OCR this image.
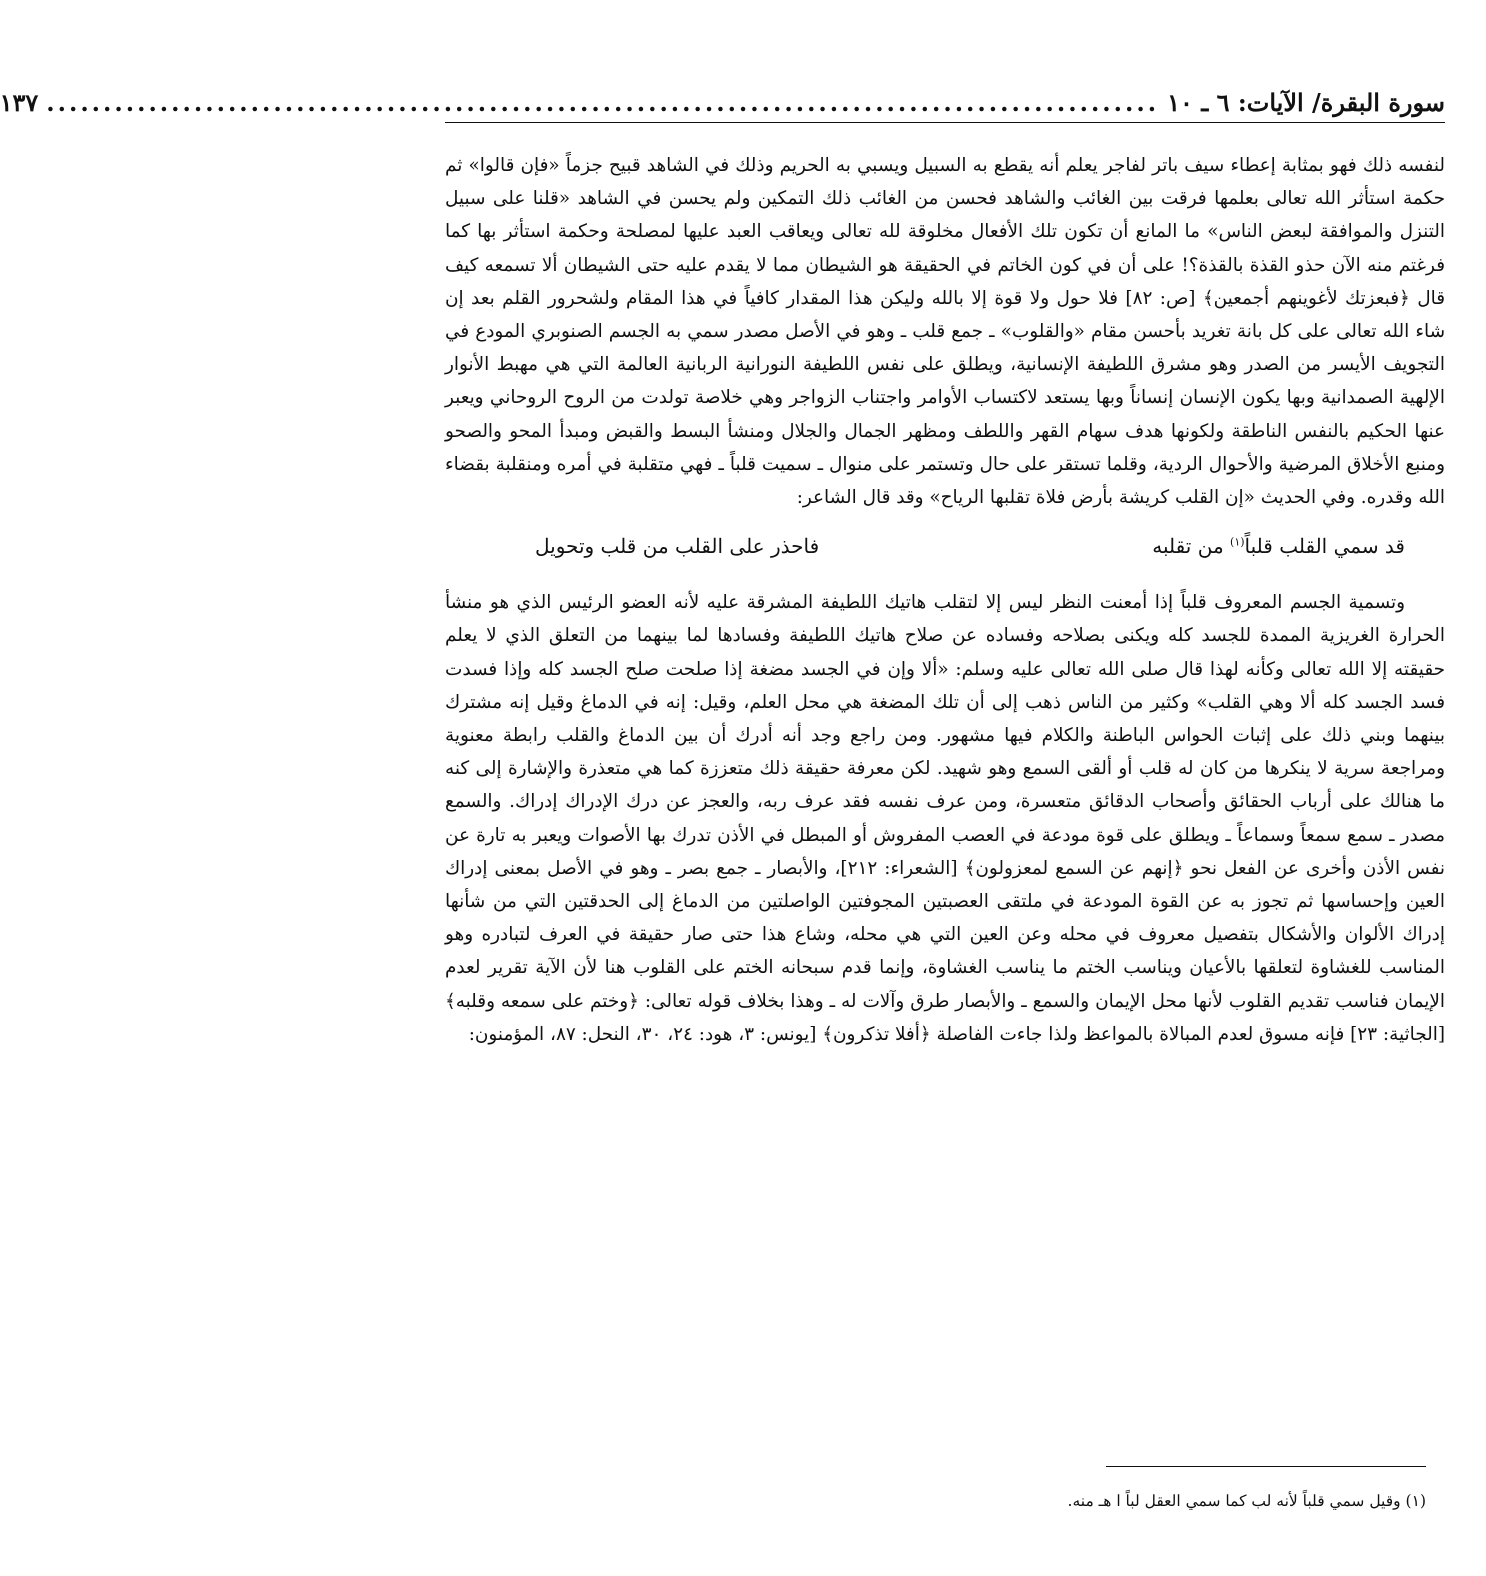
سورة البقرة/ الآيات: ٦ ـ ١٠
..................................................................................................
١٣٧

لنفسه ذلك فهو بمثابة إعطاء سيف باتر لفاجر يعلم أنه يقطع به السبيل ويسبي به الحريم وذلك في الشاهد قبيح جزماً «فإن قالوا» ثم حكمة استأثر الله تعالى بعلمها فرقت بين الغائب والشاهد فحسن من الغائب ذلك التمكين ولم يحسن في الشاهد «قلنا على سبيل التنزل والموافقة لبعض الناس» ما المانع أن تكون تلك الأفعال مخلوقة لله تعالى ويعاقب العبد عليها لمصلحة وحكمة استأثر بها كما فرغتم منه الآن حذو القذة بالقذة؟! على أن في كون الخاتم في الحقيقة هو الشيطان مما لا يقدم عليه حتى الشيطان ألا تسمعه كيف قال ﴿فبعزتك لأغوينهم أجمعين﴾ [ص: ٨٢] فلا حول ولا قوة إلا بالله وليكن هذا المقدار كافياً في هذا المقام ولشحرور القلم بعد إن شاء الله تعالى على كل بانة تغريد بأحسن مقام «والقلوب» ـ جمع قلب ـ وهو في الأصل مصدر سمي به الجسم الصنوبري المودع في التجويف الأيسر من الصدر وهو مشرق اللطيفة الإنسانية، ويطلق على نفس اللطيفة النورانية الربانية العالمة التي هي مهبط الأنوار الإلهية الصمدانية وبها يكون الإنسان إنساناً وبها يستعد لاكتساب الأوامر واجتناب الزواجر وهي خلاصة تولدت من الروح الروحاني ويعبر عنها الحكيم بالنفس الناطقة ولكونها هدف سهام القهر واللطف ومظهر الجمال والجلال ومنشأ البسط والقبض ومبدأ المحو والصحو ومنبع الأخلاق المرضية والأحوال الردية، وقلما تستقر على حال وتستمر على منوال ـ سميت قلباً ـ فهي متقلبة في أمره ومنقلبة بقضاء الله وقدره. وفي الحديث «إن القلب كريشة بأرض فلاة تقلبها الرياح» وقد قال الشاعر:

قد سمي القلب قلباً$^{(١)}$ من تقلبه
فاحذر على القلب من قلب وتحويل

وتسمية الجسم المعروف قلباً إذا أمعنت النظر ليس إلا لتقلب هاتيك اللطيفة المشرقة عليه لأنه العضو الرئيس الذي هو منشأ الحرارة الغريزية الممدة للجسد كله ويكنى بصلاحه وفساده عن صلاح هاتيك اللطيفة وفسادها لما بينهما من التعلق الذي لا يعلم حقيقته إلا الله تعالى وكأنه لهذا قال صلى الله تعالى عليه وسلم: «ألا وإن في الجسد مضغة إذا صلحت صلح الجسد كله وإذا فسدت فسد الجسد كله ألا وهي القلب» وكثير من الناس ذهب إلى أن تلك المضغة هي محل العلم، وقيل: إنه في الدماغ وقيل إنه مشترك بينهما وبني ذلك على إثبات الحواس الباطنة والكلام فيها مشهور. ومن راجع وجد أنه أدرك أن بين الدماغ والقلب رابطة معنوية ومراجعة سرية لا ينكرها من كان له قلب أو ألقى السمع وهو شهيد. لكن معرفة حقيقة ذلك متعززة كما هي متعذرة والإشارة إلى كنه ما هنالك على أرباب الحقائق وأصحاب الدقائق متعسرة، ومن عرف نفسه فقد عرف ربه، والعجز عن درك الإدراك إدراك. والسمع مصدر ـ سمع سمعاً وسماعاً ـ ويطلق على قوة مودعة في العصب المفروش أو المبطل في الأذن تدرك بها الأصوات ويعبر به تارة عن نفس الأذن وأخرى عن الفعل نحو ﴿إنهم عن السمع لمعزولون﴾ [الشعراء: ٢١٢]، والأبصار ـ جمع بصر ـ وهو في الأصل بمعنى إدراك العين وإحساسها ثم تجوز به عن القوة المودعة في ملتقى العصبتين المجوفتين الواصلتين من الدماغ إلى الحدقتين التي من شأنها إدراك الألوان والأشكال بتفصيل معروف في محله وعن العين التي هي محله، وشاع هذا حتى صار حقيقة في العرف لتبادره وهو المناسب للغشاوة لتعلقها بالأعيان ويناسب الختم ما يناسب الغشاوة، وإنما قدم سبحانه الختم على القلوب هنا لأن الآية تقرير لعدم الإيمان فناسب تقديم القلوب لأنها محل الإيمان والسمع ـ والأبصار طرق وآلات له ـ وهذا بخلاف قوله تعالى: ﴿وختم على سمعه وقلبه﴾ [الجاثية: ٢٣] فإنه مسوق لعدم المبالاة بالمواعظ ولذا جاءت الفاصلة ﴿أفلا تذكرون﴾ [يونس: ٣، هود: ٢٤، ٣٠، النحل: ٨٧، المؤمنون:

(١) وقيل سمي قلباً لأنه لب كما سمي العقل لباً ا هـ منه.
